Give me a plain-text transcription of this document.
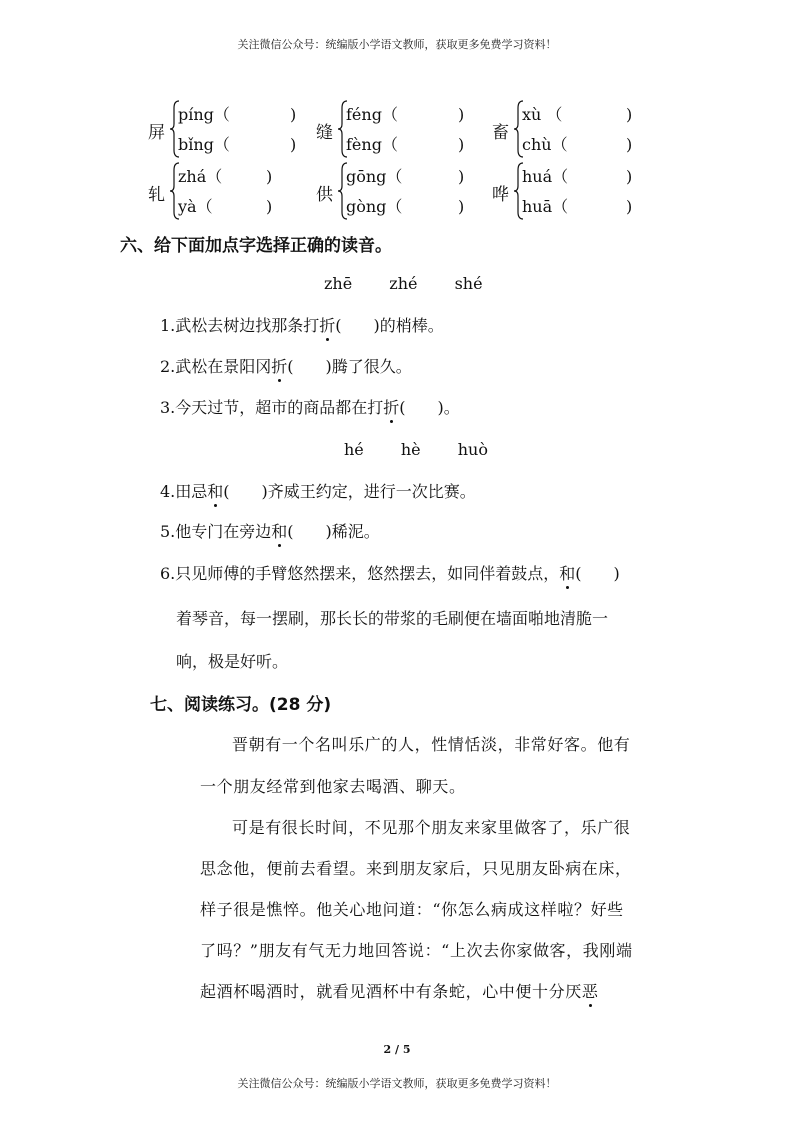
关注微信公众号：统编版小学语文教师，获取更多免费学习资料！
屏
píng（	)
bǐng（	)
缝
féng（	)
fèng（	)
畜
xù （	)
chù（	)
轧
zhá（	)
yà（	)
供
gōng（	)
gòng（	)
哗
huá（	)
huā（	)
六、给下面加点字选择正确的读音。
zhē zhé shé
1.武松去树边找那条打折(　　)的梢棒。
2.武松在景阳冈折(　　)腾了很久。
3.今天过节，超市的商品都在打折(　　)。
hé hè huò
4.田忌和(　　)齐威王约定，进行一次比赛。
5.他专门在旁边和(　　)稀泥。
6.只见师傅的手臂悠然摆来，悠然摆去，如同伴着鼓点，和(　　)
着琴音，每一摆刷，那长长的带浆的毛刷便在墙面啪地清脆一
响，极是好听。
七、阅读练习。(28 分)
晋朝有一个名叫乐广的人，性情恬淡，非常好客。他有
一个朋友经常到他家去喝酒、聊天。
可是有很长时间，不见那个朋友来家里做客了，乐广很
思念他，便前去看望。来到朋友家后，只见朋友卧病在床，
样子很是憔悴。他关心地问道：“你怎么病成这样啦？好些
了吗？”朋友有气无力地回答说：“上次去你家做客，我刚端
起酒杯喝酒时，就看见酒杯中有条蛇，心中便十分厌恶
2 / 5
关注微信公众号：统编版小学语文教师，获取更多免费学习资料！
